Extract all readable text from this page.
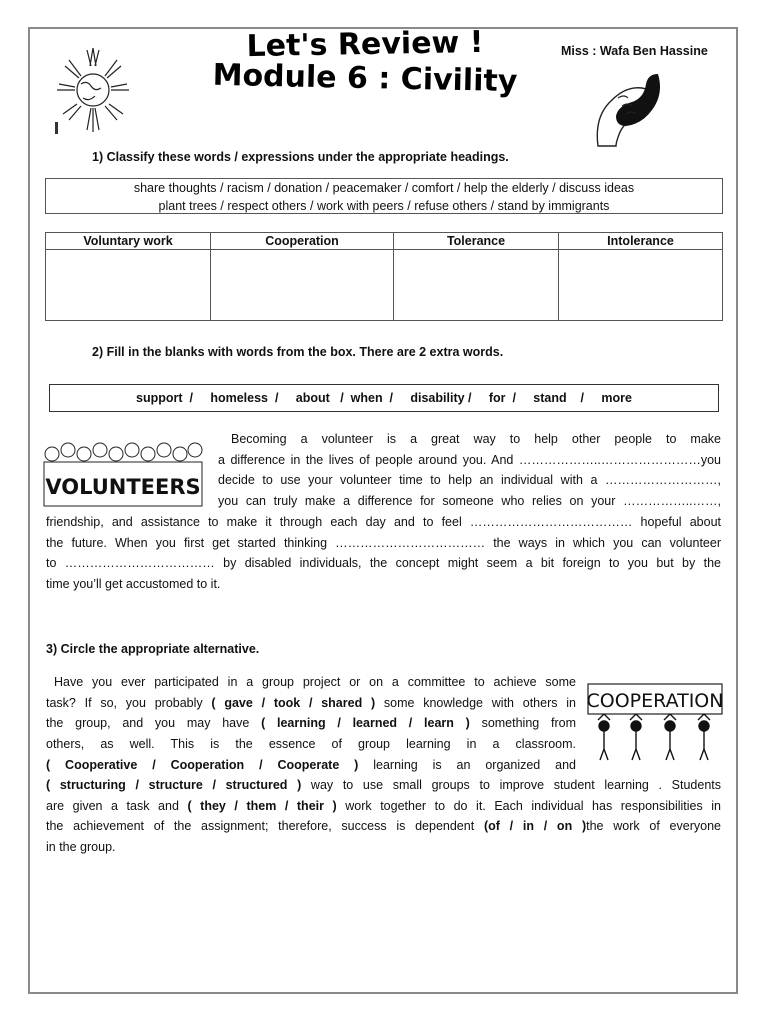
Let's Review !
Module 6 : Civility
Miss : Wafa Ben Hassine
1) Classify these words / expressions under the appropriate headings.
share thoughts / racism / donation / peacemaker / comfort / help the elderly / discuss ideas
plant trees / respect others / work with peers / refuse others / stand by immigrants
Voluntary work	Cooperation	Tolerance	Intolerance

2) Fill in the blanks with words from the box. There are 2 extra words.
support  /     homeless  /     about   /  when  /     disability /     for  /     stand    /     more
VOLUNTEERS
Becoming a volunteer is a great way to help other people to make
a difference in the lives of people around you. And ………………..……………………you
decide to use your volunteer time to help an individual with a ………………………,
you can truly make a difference for someone who relies on your ……………..……,
friendship, and assistance to make it through each day and to feel ………………………………… hopeful about
the future. When you first get started thinking ……………………………… the ways in which you can volunteer
to ……………………………… by disabled individuals, the concept might seem a bit foreign to you but by the
time you’ll get accustomed to it.
3) Circle the appropriate alternative.
COOPERATION
Have you ever participated in a group project or on a committee to achieve some
task? If so, you probably ( gave / took / shared ) some knowledge with others in
the group, and you may have ( learning / learned / learn ) something from
others, as well. This is the essence of group learning in a classroom.
( Cooperative / Cooperation / Cooperate ) learning is an organized and
( structuring / structure / structured ) way to use small groups to improve student learning . Students
are given a task and ( they / them / their ) work together to do it. Each individual has responsibilities in
the achievement of the assignment; therefore, success is dependent (of / in / on )the work of everyone
in the group.
